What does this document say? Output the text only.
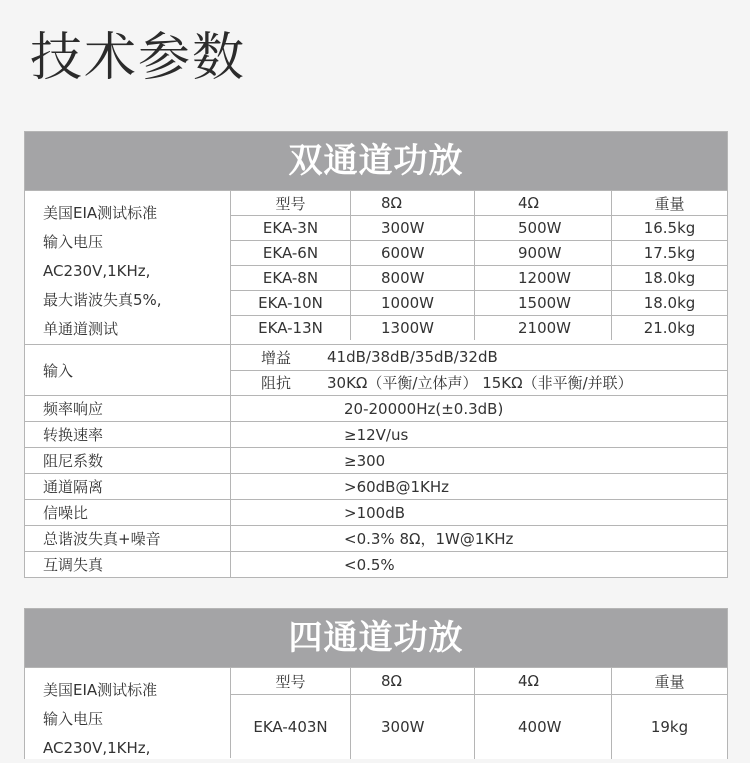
技术参数
双通道功放
美国EIA测试标准
输入电压
AC230V,1KHz,
最大谐波失真5%,
单通道测试
型号	8Ω	4Ω	重量
EKA-3N	300W	500W	16.5kg
EKA-6N	600W	900W	17.5kg
EKA-8N	800W	1200W	18.0kg
EKA-10N	1000W	1500W	18.0kg
EKA-13N	1300W	2100W	21.0kg
输入
增益	41dB/38dB/35dB/32dB
阻抗	30KΩ（平衡/立体声） 15KΩ（非平衡/并联）
频率响应	20-20000Hz(±0.3dB)
转换速率	≥12V/us
阻尼系数	≥300
通道隔离	>60dB@1KHz
信噪比	>100dB
总谐波失真+噪音	<0.3% 8Ω，1W@1KHz
互调失真	<0.5%
四通道功放
美国EIA测试标准
输入电压
AC230V,1KHz,
型号	8Ω	4Ω	重量
EKA-403N	300W	400W	19kg
